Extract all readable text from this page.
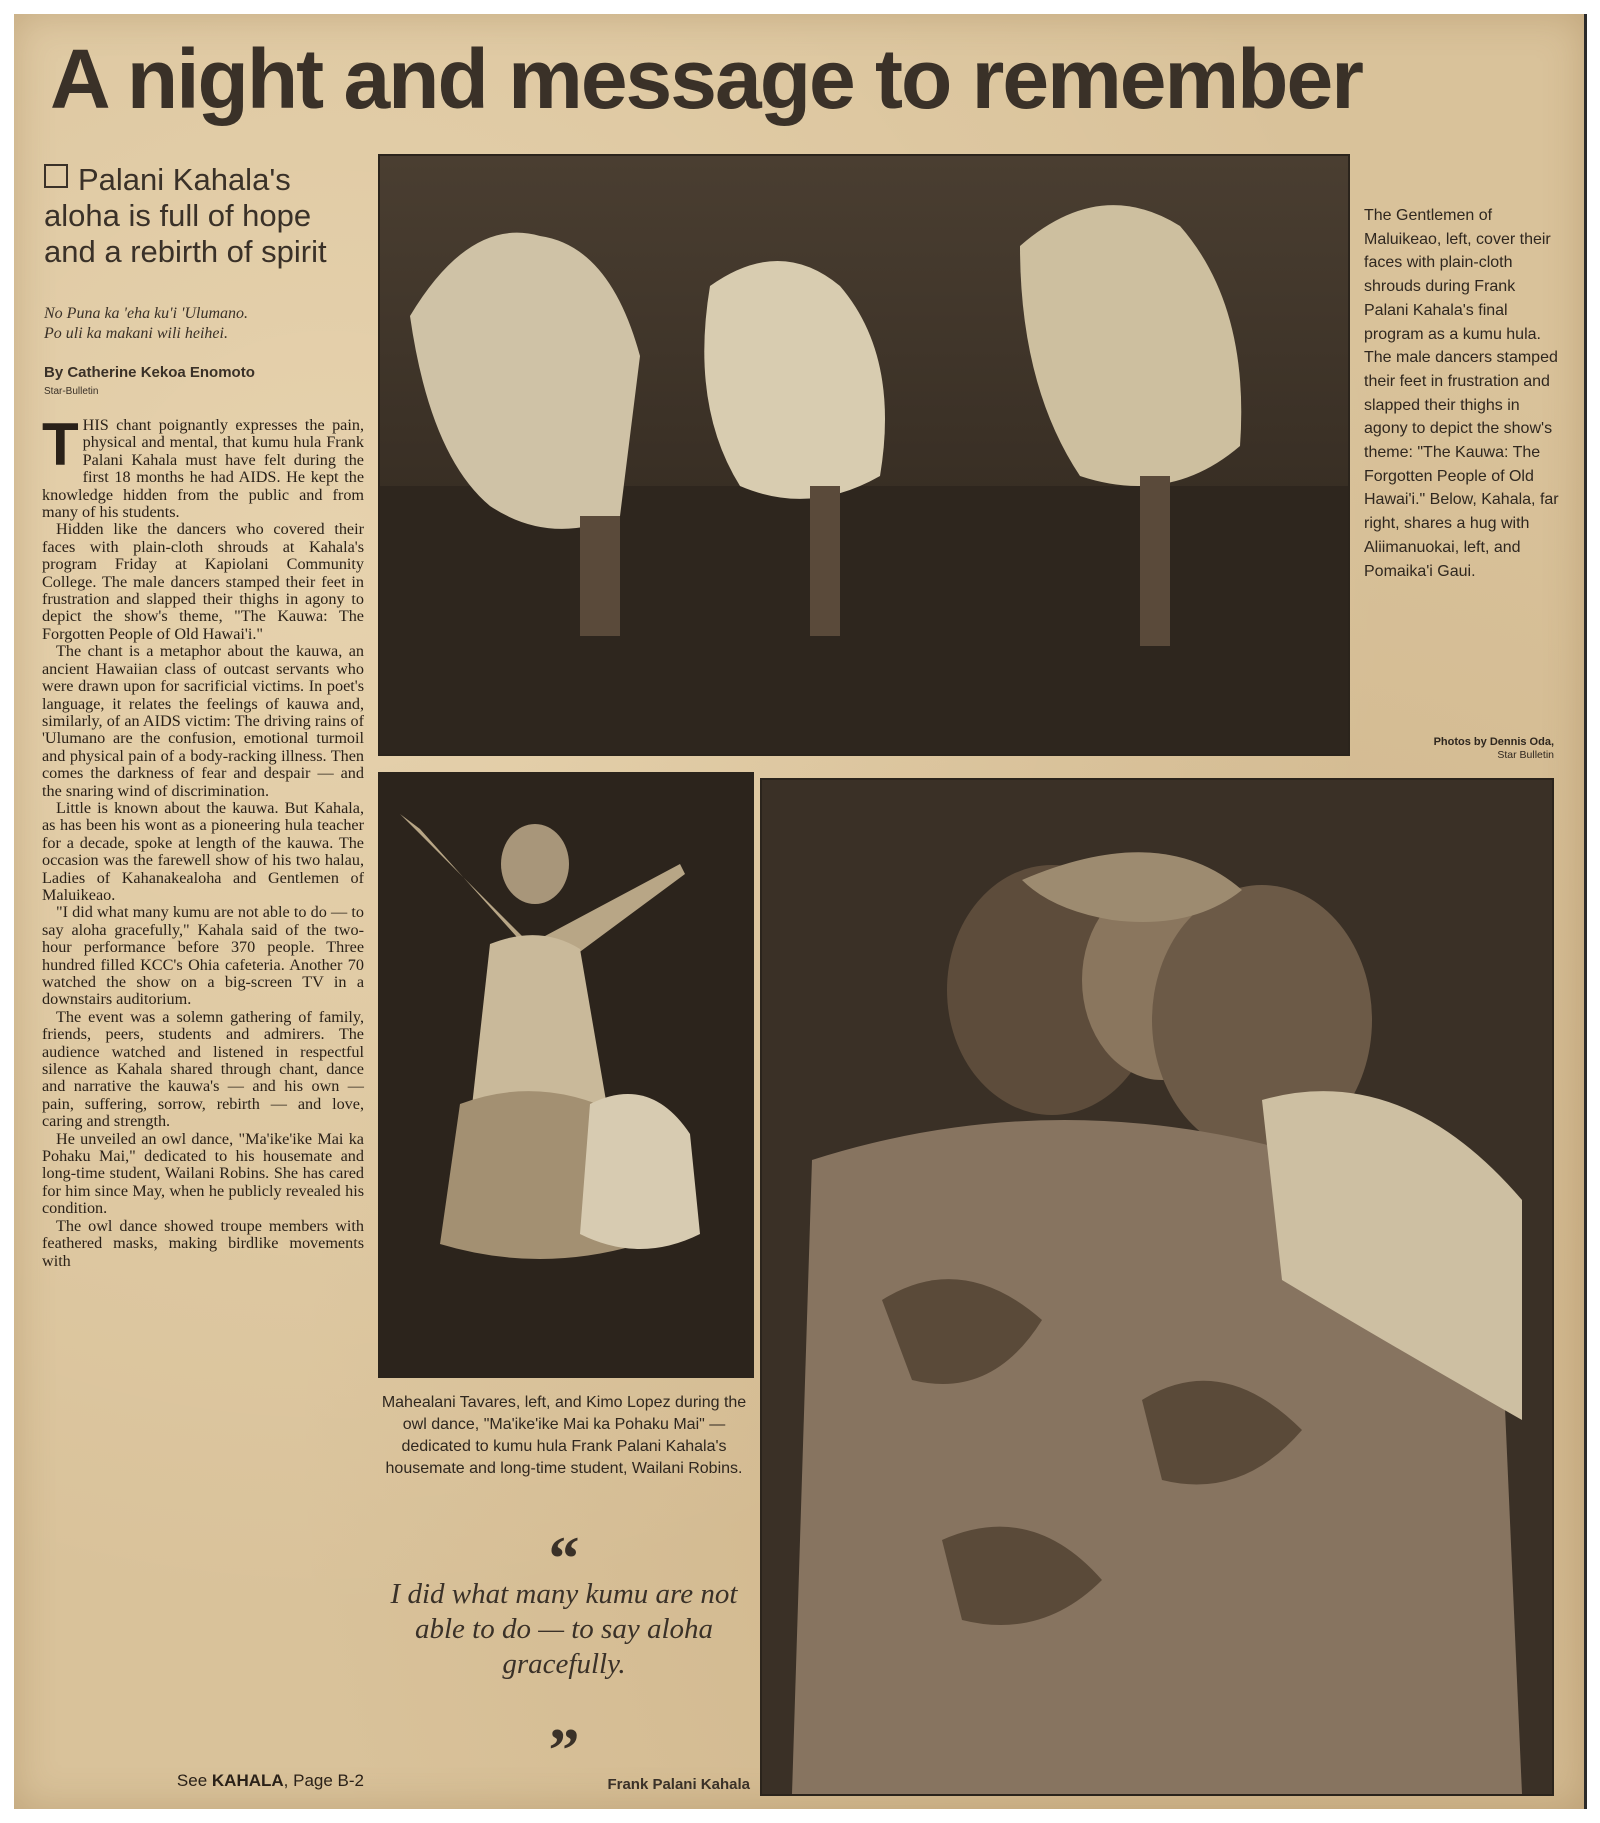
A night and message to remember
Palani Kahala's aloha is full of hope and a rebirth of spirit
No Puna ka 'eha ku'i 'Ulumano.
Po uli ka makani wili heihei.
By Catherine Kekoa Enomoto
Star-Bulletin

THIS chant poignantly expresses the pain, physical and mental, that kumu hula Frank Palani Kahala must have felt during the first 18 months he had AIDS. He kept the knowledge hidden from the public and from many of his students.

Hidden like the dancers who covered their faces with plain-cloth shrouds at Kahala's program Friday at Kapiolani Community College. The male dancers stamped their feet in frustration and slapped their thighs in agony to depict the show's theme, "The Kauwa: The Forgotten People of Old Hawai'i."

The chant is a metaphor about the kauwa, an ancient Hawaiian class of outcast servants who were drawn upon for sacrificial victims. In poet's language, it relates the feelings of kauwa and, similarly, of an AIDS victim: The driving rains of 'Ulumano are the confusion, emotional turmoil and physical pain of a body-racking illness. Then comes the darkness of fear and despair — and the snaring wind of discrimination.

Little is known about the kauwa. But Kahala, as has been his wont as a pioneering hula teacher for a decade, spoke at length of the kauwa. The occasion was the farewell show of his two halau, Ladies of Kahanakealoha and Gentlemen of Maluikeao.

"I did what many kumu are not able to do — to say aloha gracefully," Kahala said of the two-hour performance before 370 people. Three hundred filled KCC's Ohia cafeteria. Another 70 watched the show on a big-screen TV in a downstairs auditorium.

The event was a solemn gathering of family, friends, peers, students and admirers. The audience watched and listened in respectful silence as Kahala shared through chant, dance and narrative the kauwa's — and his own — pain, suffering, sorrow, rebirth — and love, caring and strength.

He unveiled an owl dance, "Ma'ike'ike Mai ka Pohaku Mai," dedicated to his housemate and long-time student, Wailani Robins. She has cared for him since May, when he publicly revealed his condition.

The owl dance showed troupe members with feathered masks, making birdlike movements with

See KAHALA, Page B-2
The Gentlemen of Maluikeao, left, cover their faces with plain-cloth shrouds during Frank Palani Kahala's final program as a kumu hula. The male dancers stamped their feet in frustration and slapped their thighs in agony to depict the show's theme: "The Kauwa: The Forgotten People of Old Hawai'i." Below, Kahala, far right, shares a hug with Aliimanuokai, left, and Pomaika'i Gaui.
Photos by Dennis Oda,
Star Bulletin
Mahealani Tavares, left, and Kimo Lopez during the owl dance, "Ma'ike'ike Mai ka Pohaku Mai" — dedicated to kumu hula Frank Palani Kahala's housemate and long-time student, Wailani Robins.
“
I did what many kumu are not able to do — to say aloha gracefully.
”	Frank Palani Kahala
